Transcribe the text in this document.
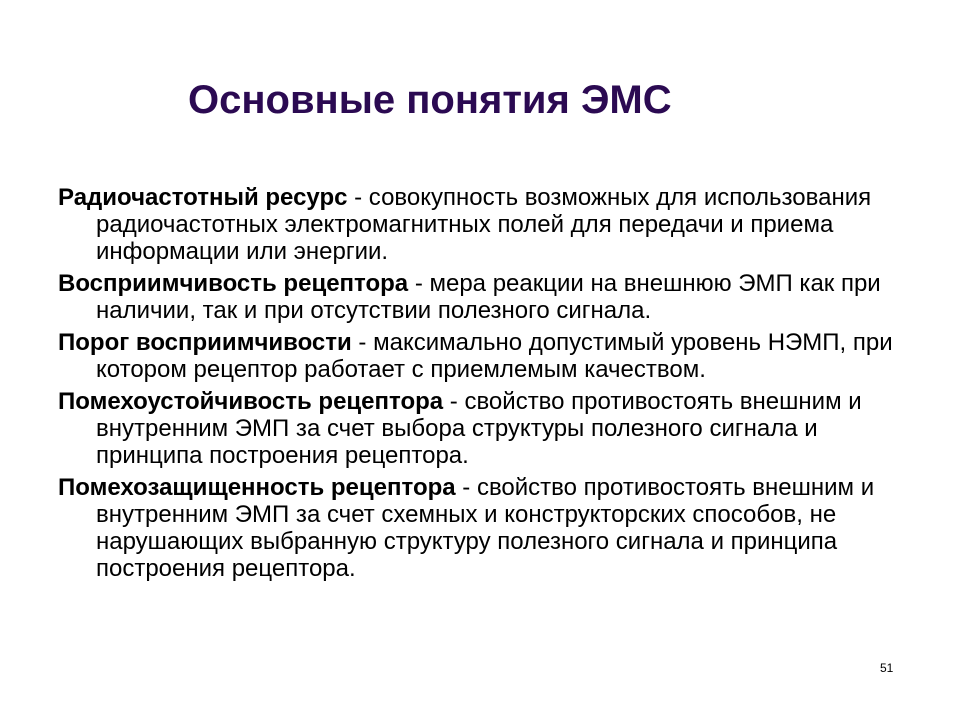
Основные понятия ЭМС
Радиочастотный ресурс - совокупность возможных для использования радиочастотных электромагнитных полей для передачи и приема информации или энергии.
Восприимчивость рецептора - мера реакции на внешнюю ЭМП как при наличии, так и при отсутствии полезного сигнала.
Порог восприимчивости - максимально допустимый уровень НЭМП, при котором рецептор работает с приемлемым качеством.
Помехоустойчивость рецептора - свойство противостоять внешним и внутренним ЭМП за счет выбора структуры полезного сигнала и принципа построения рецептора.
Помехозащищенность рецептора - свойство противостоять внешним и внутренним ЭМП за счет схемных и конструкторских способов, не нарушающих выбранную структуру полезного сигнала и принципа построения рецептора.
51
